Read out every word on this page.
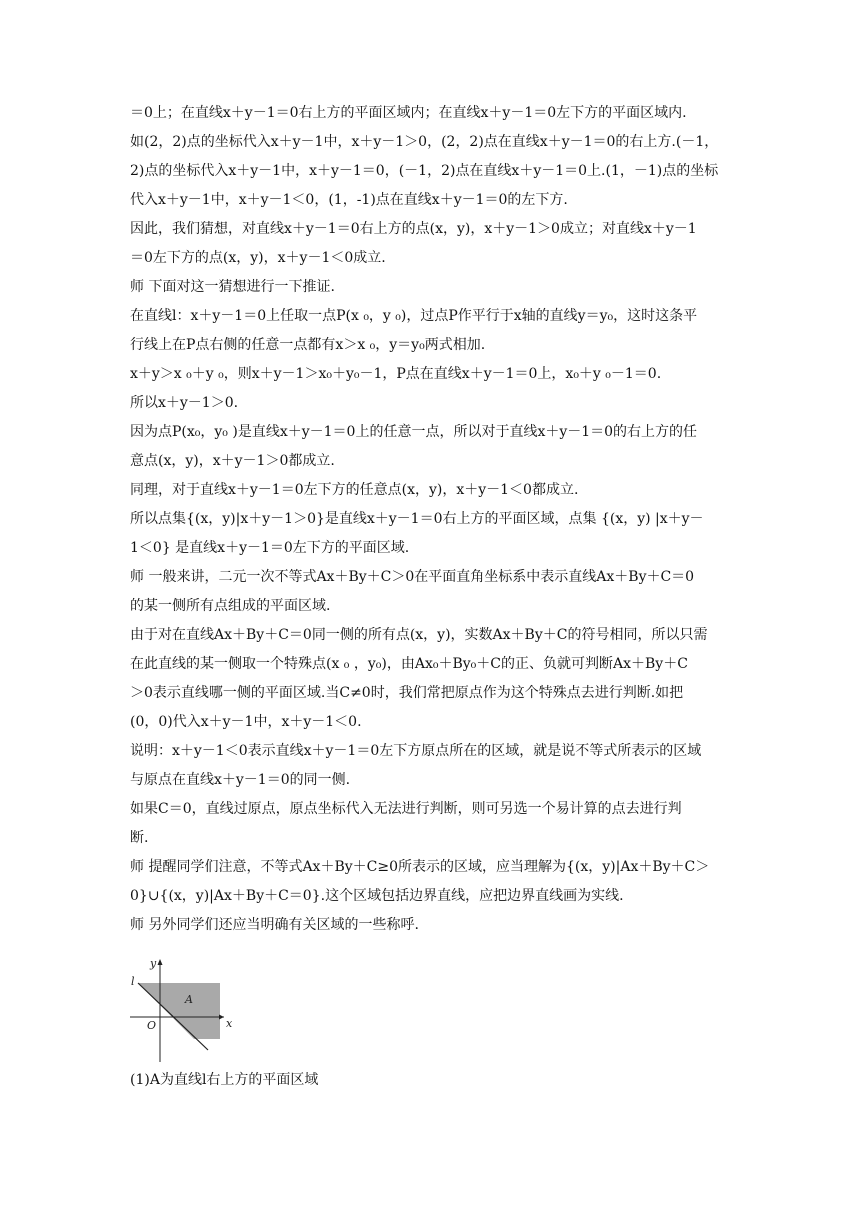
＝0上；在直线x＋y－1＝0右上方的平面区域内；在直线x＋y－1＝0左下方的平面区域内.
如(2，2)点的坐标代入x＋y－1中，x＋y－1＞0，(2，2)点在直线x＋y－1＝0的右上方.(－1，
2)点的坐标代入x＋y－1中，x＋y－1＝0，(－1，2)点在直线x＋y－1＝0上.(1，－1)点的坐标
代入x＋y－1中，x＋y－1＜0，(1，-1)点在直线x＋y－1＝0的左下方.
因此，我们猜想，对直线x＋y－1＝0右上方的点(x，y)，x＋y－1＞0成立；对直线x＋y－1
＝0左下方的点(x，y)，x＋y－1＜0成立.
师 下面对这一猜想进行一下推证.
在直线l：x＋y－1＝0上任取一点P(x ₀，y ₀)，过点P作平行于x轴的直线y＝y₀，这时这条平
行线上在P点右侧的任意一点都有x＞x ₀，y＝y₀两式相加.
x＋y＞x ₀＋y ₀，则x＋y－1＞x₀＋y₀－1，P点在直线x＋y－1＝0上，x₀＋y ₀－1＝0.
所以x＋y－1＞0.
因为点P(x₀，y₀ )是直线x＋y－1＝0上的任意一点，所以对于直线x＋y－1＝0的右上方的任
意点(x，y)，x＋y－1＞0都成立.
同理，对于直线x＋y－1＝0左下方的任意点(x，y)，x＋y－1＜0都成立.
所以点集{(x，y)|x＋y－1＞0}是直线x＋y－1＝0右上方的平面区域，点集 {(x，y) |x＋y－
1＜0} 是直线x＋y－1＝0左下方的平面区域.
师 一般来讲，二元一次不等式Ax＋By＋C＞0在平面直角坐标系中表示直线Ax＋By＋C＝0
的某一侧所有点组成的平面区域.
由于对在直线Ax＋By＋C＝0同一侧的所有点(x，y)，实数Ax＋By＋C的符号相同，所以只需
在此直线的某一侧取一个特殊点(x ₀ ，y₀)，由Ax₀＋By₀＋C的正、负就可判断Ax＋By＋C
＞0表示直线哪一侧的平面区域.当C≠0时，我们常把原点作为这个特殊点去进行判断.如把
(0，0)代入x＋y－1中，x＋y－1＜0.
说明：x＋y－1＜0表示直线x＋y－1＝0左下方原点所在的区域，就是说不等式所表示的区域
与原点在直线x＋y－1＝0的同一侧.
如果C＝0，直线过原点，原点坐标代入无法进行判断，则可另选一个易计算的点去进行判
断.
师 提醒同学们注意，不等式Ax＋By＋C≥0所表示的区域，应当理解为{(x，y)|Ax＋By＋C＞
0}∪{(x，y)|Ax＋By＋C＝0}.这个区域包括边界直线，应把边界直线画为实线.
师 另外同学们还应当明确有关区域的一些称呼.
y
x
O
l
A
(1)A为直线l右上方的平面区域
